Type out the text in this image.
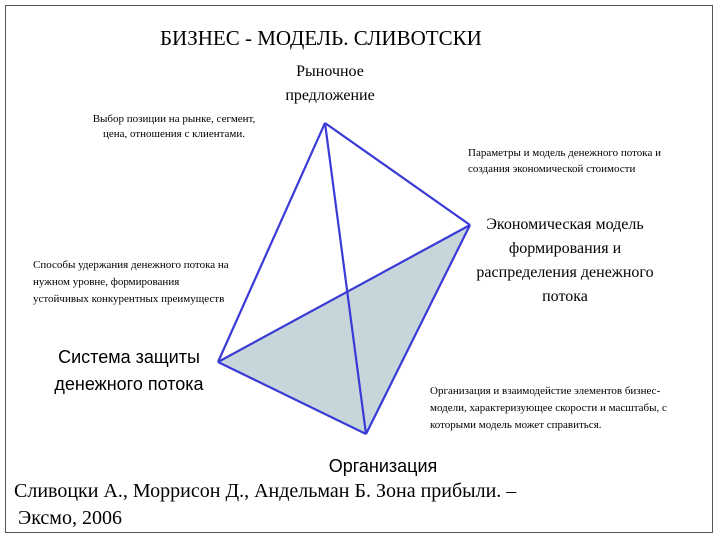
БИЗНЕС - МОДЕЛЬ. СЛИВОТСКИ
Рыночное предложение
Выбор позиции на рынке, сегмент, цена, отношения с клиентами.
Параметры и модель денежного потока и создания экономической стоимости
Экономическая модель формирования и распределения денежного потока
Способы удержания денежного потока на нужном уровне, формирования устойчивых конкурентных преимуществ
Система защиты денежного потока	Организация и взаимодейстие элементов бизнес-модели, характеризующее скорости и масштабы, с которыми модель может справиться.
Организация
Сливоцки А., Моррисон Д., Андельман Б. Зона прибыли. –
Эксмо, 2006
